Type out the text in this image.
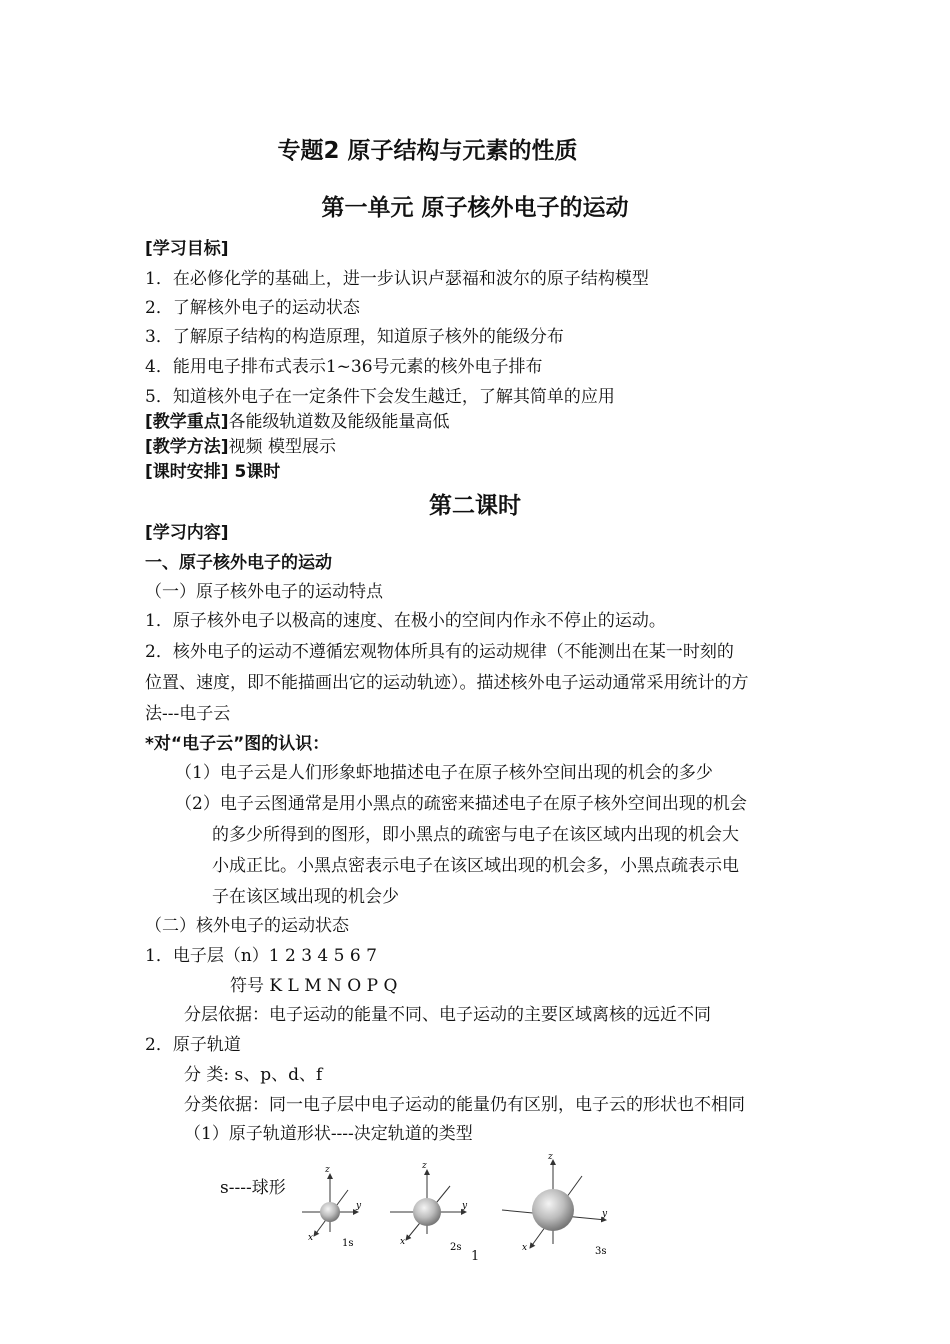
专题2 原子结构与元素的性质
第一单元 原子核外电子的运动
[学习目标]
1．在必修化学的基础上，进一步认识卢瑟福和波尔的原子结构模型
2．了解核外电子的运动状态
3．了解原子结构的构造原理，知道原子核外的能级分布
4．能用电子排布式表示1~36号元素的核外电子排布
5．知道核外电子在一定条件下会发生越迁，了解其简单的应用
[教学重点]各能级轨道数及能级能量高低
[教学方法]视频 模型展示
[课时安排] 5课时
第二课时
[学习内容]
一、原子核外电子的运动
（一）原子核外电子的运动特点
1．原子核外电子以极高的速度、在极小的空间内作永不停止的运动。
2．核外电子的运动不遵循宏观物体所具有的运动规律（不能测出在某一时刻的
位置、速度，即不能描画出它的运动轨迹）。描述核外电子运动通常采用统计的方
法---电子云
*对“电子云”图的认识：
（1）电子云是人们形象虾地描述电子在原子核外空间出现的机会的多少
（2）电子云图通常是用小黑点的疏密来描述电子在原子核外空间出现的机会
的多少所得到的图形，即小黑点的疏密与电子在该区域内出现的机会大
小成正比。小黑点密表示电子在该区域出现的机会多，小黑点疏表示电
子在该区域出现的机会少
（二）核外电子的运动状态
1．电子层（n）1 2 3 4 5 6 7
符号 K L M N O P Q
分层依据：电子运动的能量不同、电子运动的主要区域离核的远近不同
2．原子轨道
分 类: s、p、d、f
分类依据：同一电子层中电子运动的能量仍有区别，电子云的形状也不相同
（1）原子轨道形状----决定轨道的类型
s----球形
z
y
x	1s
z
y
x	2s
z
y
x	3s
1
